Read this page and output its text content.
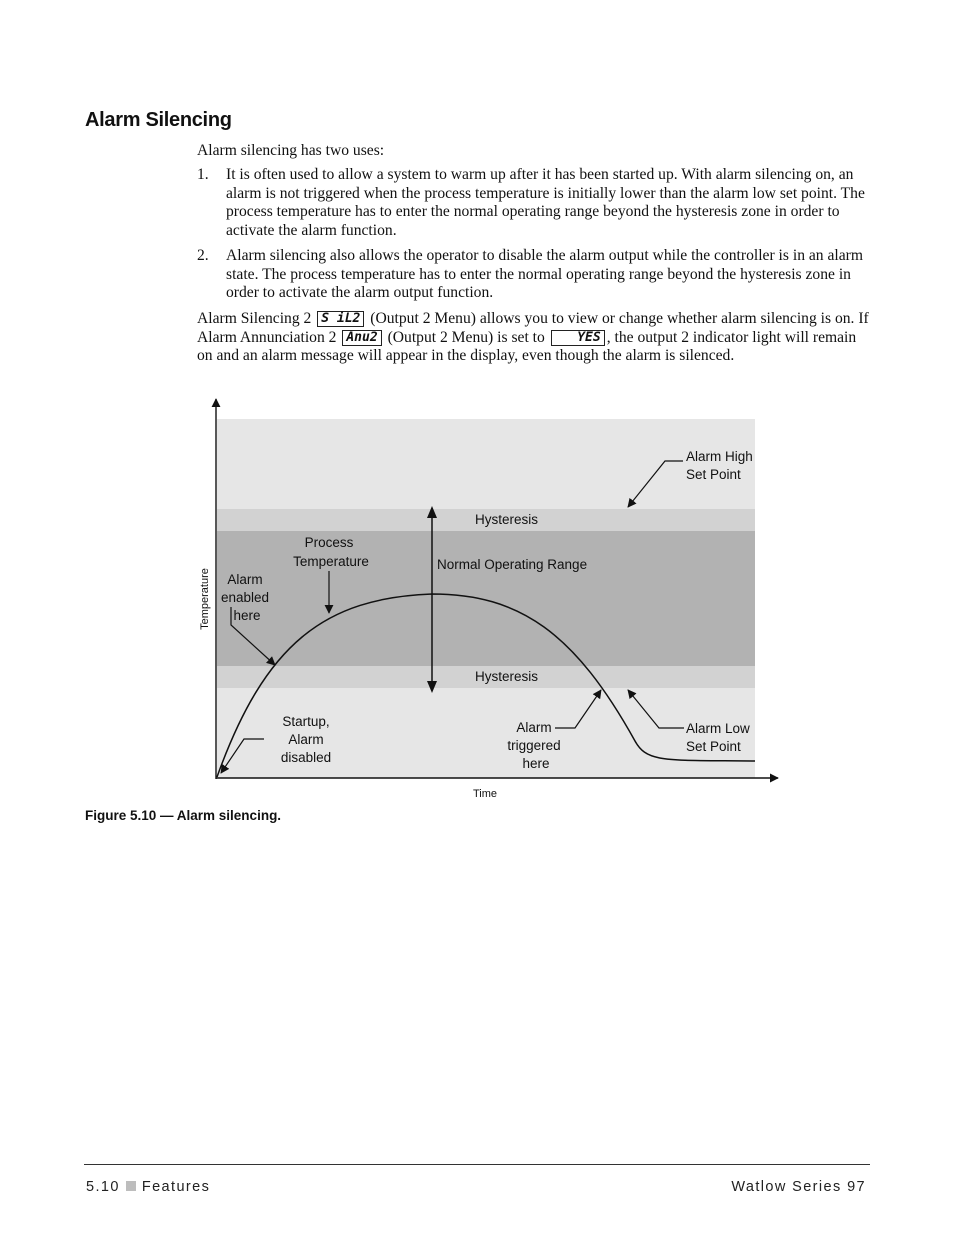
Alarm Silencing
Alarm silencing has two uses:
1.	It is often used to allow a system to warm up after it has been started up. With alarm silencing on, an alarm is not triggered when the process temperature is initially lower than the alarm low set point. The process temperature has to enter the normal operating range beyond the hysteresis zone in order to activate the alarm function.
2.	Alarm silencing also allows the operator to disable the alarm output while the controller is in an alarm state. The process temperature has to enter the normal operating range beyond the hysteresis zone in order to activate the alarm output function.
Alarm Silencing 2 S iL2 (Output 2 Menu) allows you to view or change whether alarm silencing is on. If Alarm Annunciation 2 Anu2 (Output 2 Menu) is set to YES , the output 2 indicator light will remain on and an alarm message will appear in the display, even though the alarm is silenced.
Alarm High
Set Point
Hysteresis
Normal Operating Range
Hysteresis
Process
Temperature
Alarm
enabled
here
Startup,
Alarm
disabled
Alarm
triggered
here
Alarm Low
Set Point
Time
Temperature
Figure 5.10 — Alarm silencing.
5.10 Features	Watlow Series 97
